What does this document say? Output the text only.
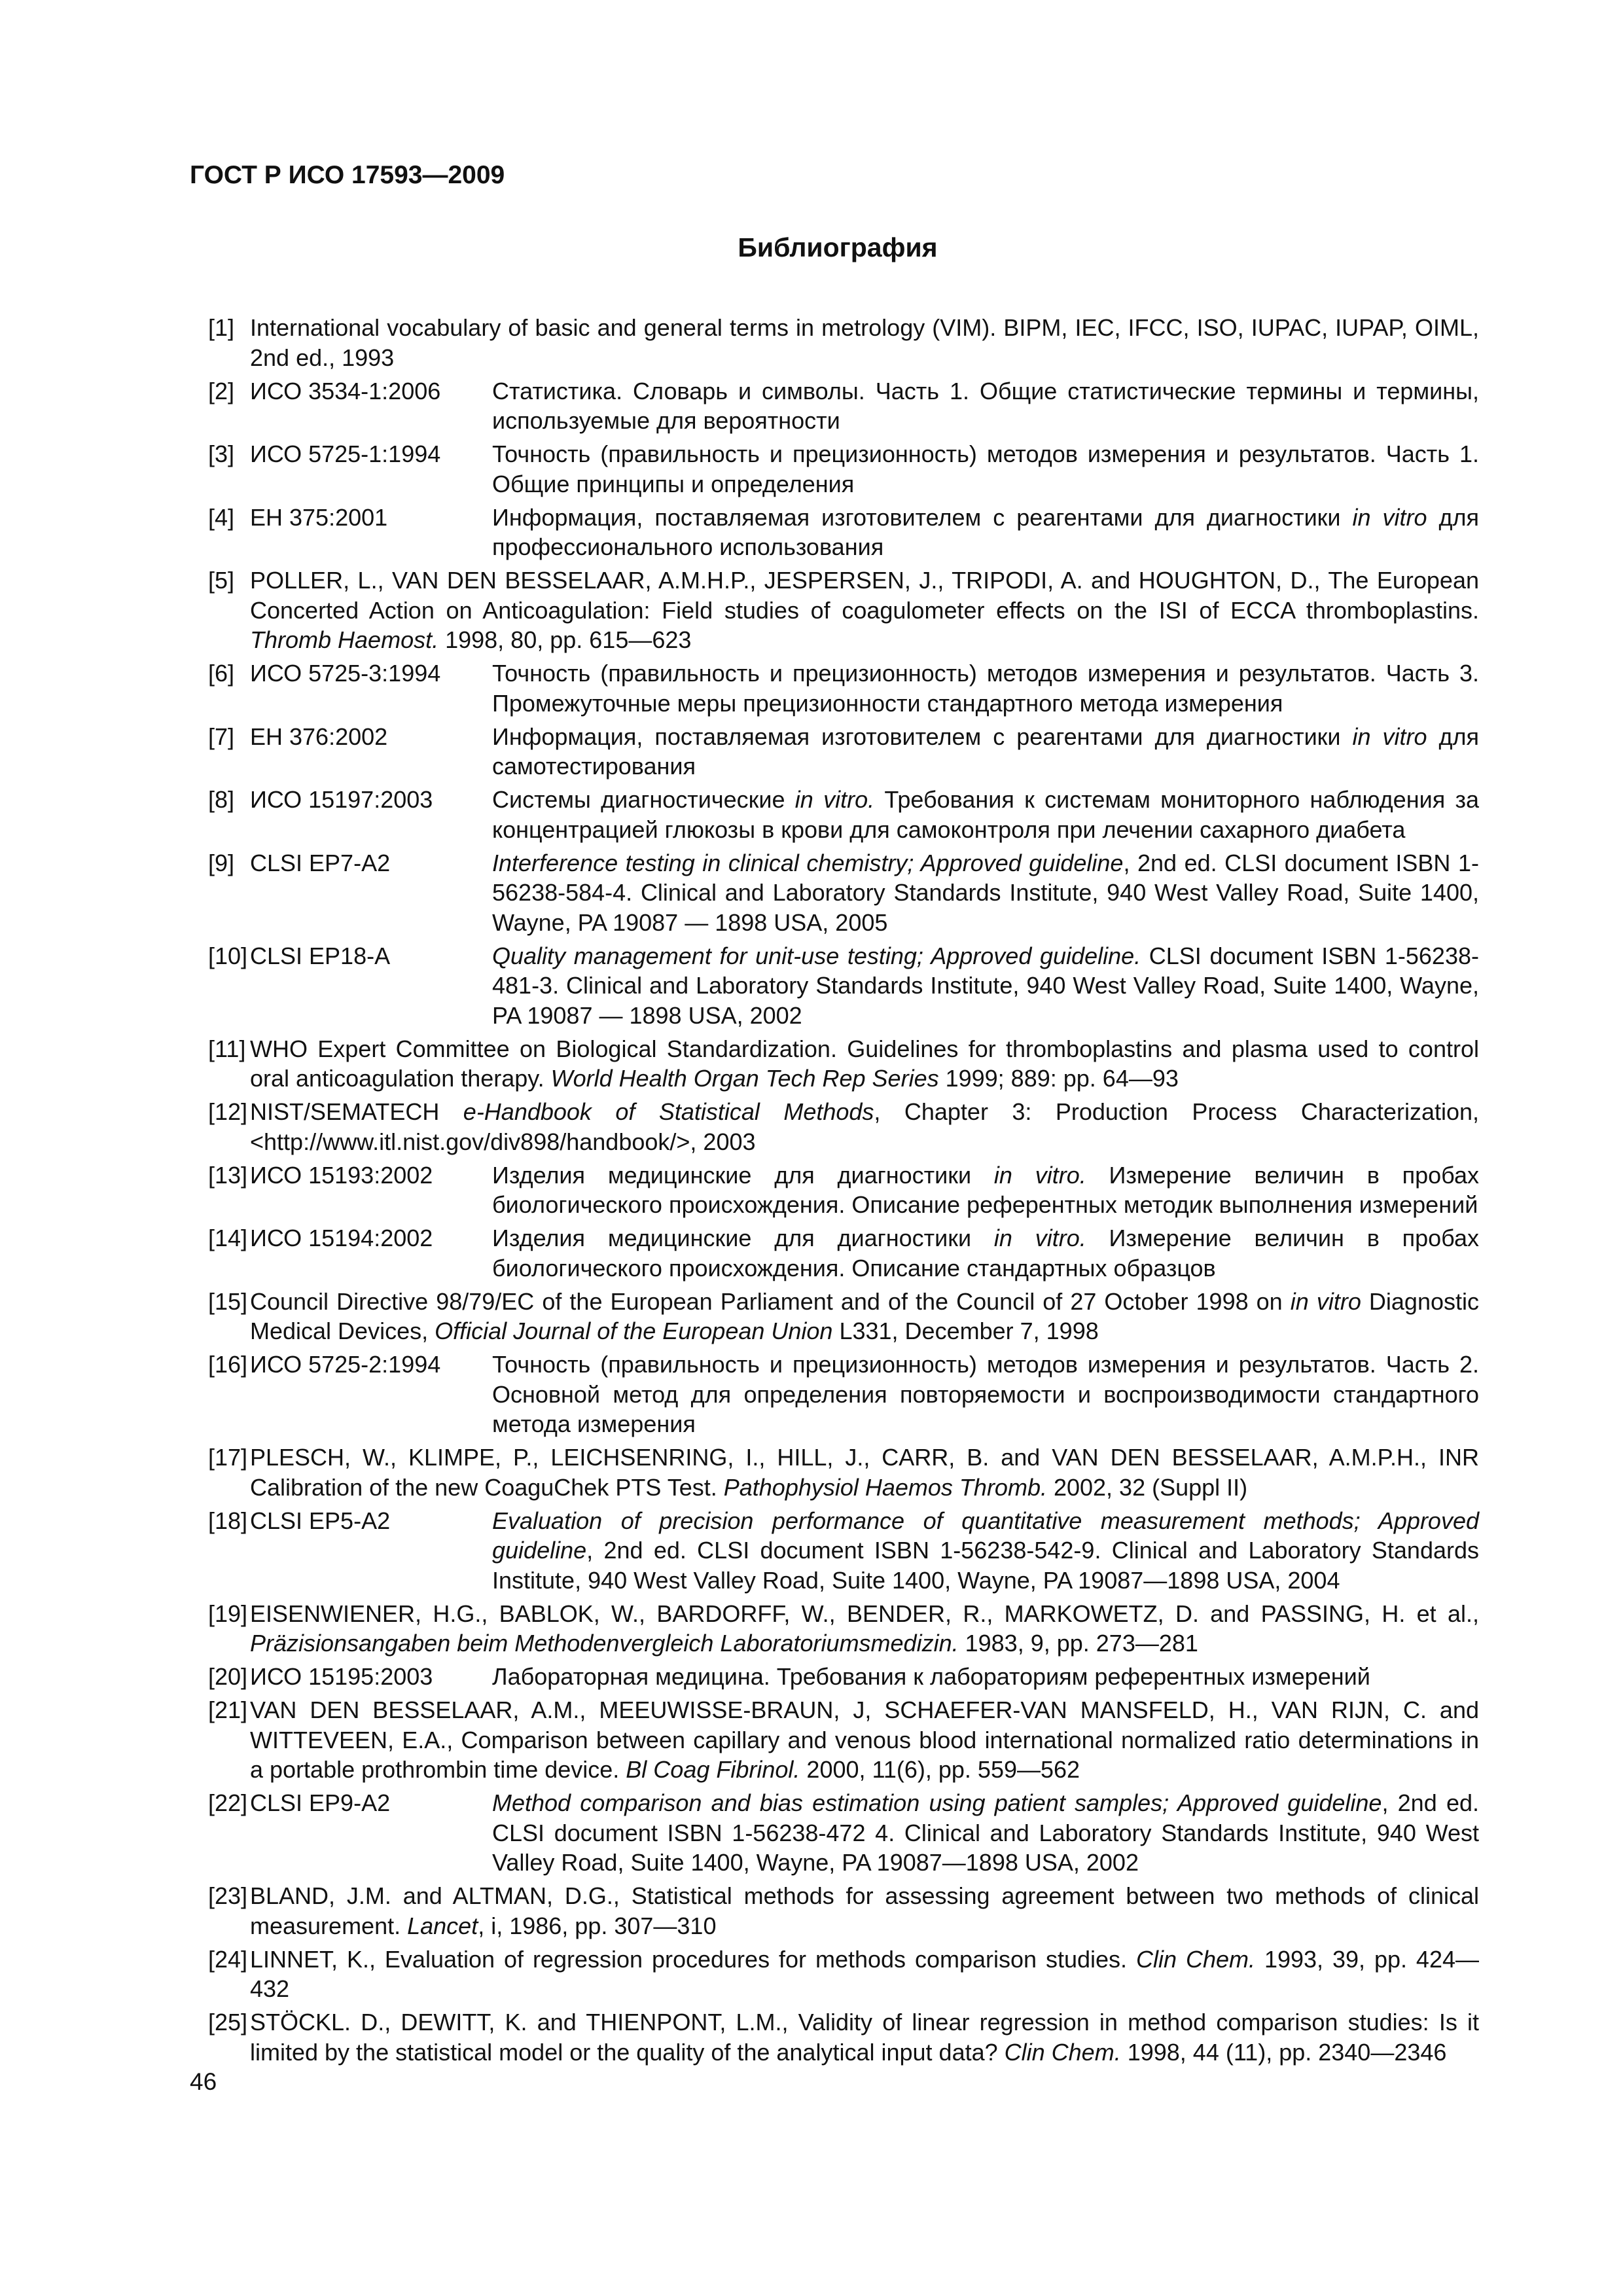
ГОСТ Р ИСО 17593—2009
Библиография
[1] International vocabulary of basic and general terms in metrology (VIM). BIPM, IEC, IFCC, ISO, IUPAC, IUPAP, OIML, 2nd ed., 1993
[2] ИСО 3534-1:2006	Статистика. Словарь и символы. Часть 1. Общие статистические термины и термины, используемые для вероятности
[3] ИСО 5725-1:1994	Точность (правильность и прецизионность) методов измерения и результатов. Часть 1. Общие принципы и определения
[4] ЕН 375:2001	Информация, поставляемая изготовителем с реагентами для диагностики in vitro для профессионального использования
[5] POLLER, L., VAN DEN BESSELAAR, A.M.H.P., JESPERSEN, J., TRIPODI, A. and HOUGHTON, D., The European Concerted Action on Anticoagulation: Field studies of coagulometer effects on the ISI of ECCA thromboplastins. Thromb Haemost. 1998, 80, pp. 615—623
[6] ИСО 5725-3:1994	Точность (правильность и прецизионность) методов измерения и результатов. Часть 3. Промежуточные меры прецизионности стандартного метода измерения
[7] ЕН 376:2002	Информация, поставляемая изготовителем с реагентами для диагностики in vitro для самотестирования
[8] ИСО 15197:2003	Системы диагностические in vitro. Требования к системам мониторного наблюдения за концентрацией глюкозы в крови для самоконтроля при лечении сахарного диабета
[9] CLSI EP7-A2	Interference testing in clinical chemistry; Approved guideline, 2nd ed. CLSI document ISBN 1-56238-584-4. Clinical and Laboratory Standards Institute, 940 West Valley Road, Suite 1400, Wayne, PA 19087 — 1898 USA, 2005
[10] CLSI EP18-A	Quality management for unit-use testing; Approved guideline. CLSI document ISBN 1-56238-481-3. Clinical and Laboratory Standards Institute, 940 West Valley Road, Suite 1400, Wayne, PA 19087 — 1898 USA, 2002
[11] WHO Expert Committee on Biological Standardization. Guidelines for thromboplastins and plasma used to control oral anticoagulation therapy. World Health Organ Tech Rep Series 1999; 889: pp. 64—93
[12] NIST/SEMATECH e-Handbook of Statistical Methods, Chapter 3: Production Process Characterization, <http://www.itl.nist.gov/div898/handbook/>, 2003
[13] ИСО 15193:2002	Изделия медицинские для диагностики in vitro. Измерение величин в пробах биологического происхождения. Описание референтных методик выполнения измерений
[14] ИСО 15194:2002	Изделия медицинские для диагностики in vitro. Измерение величин в пробах биологического происхождения. Описание стандартных образцов
[15] Council Directive 98/79/EC of the European Parliament and of the Council of 27 October 1998 on in vitro Diagnostic Medical Devices, Official Journal of the European Union L331, December 7, 1998
[16] ИСО 5725-2:1994	Точность (правильность и прецизионность) методов измерения и результатов. Часть 2. Основной метод для определения повторяемости и воспроизводимости стандартного метода измерения
[17] PLESCH, W., KLIMPE, P., LEICHSENRING, I., HILL, J., CARR, B. and VAN DEN BESSELAAR, A.M.P.H., INR Calibration of the new CoaguChek PTS Test. Pathophysiol Haemos Thromb. 2002, 32 (Suppl II)
[18] CLSI EP5-A2	Evaluation of precision performance of quantitative measurement methods; Approved guideline, 2nd ed. CLSI document ISBN 1-56238-542-9. Clinical and Laboratory Standards Institute, 940 West Valley Road, Suite 1400, Wayne, PA 19087—1898 USA, 2004
[19] EISENWIENER, H.G., BABLOK, W., BARDORFF, W., BENDER, R., MARKOWETZ, D. and PASSING, H. et al., Präzisionsangaben beim Methodenvergleich Laboratoriumsmedizin. 1983, 9, pp. 273—281
[20] ИСО 15195:2003	Лабораторная медицина. Требования к лабораториям референтных измерений
[21] VAN DEN BESSELAAR, A.M., MEEUWISSE-BRAUN, J, SCHAEFER-VAN MANSFELD, H., VAN RIJN, C. and WITTEVEEN, E.A., Comparison between capillary and venous blood international normalized ratio determinations in a portable prothrombin time device. Bl Coag Fibrinol. 2000, 11(6), pp. 559—562
[22] CLSI EP9-A2	Method comparison and bias estimation using patient samples; Approved guideline, 2nd ed. CLSI document ISBN 1-56238-472 4. Clinical and Laboratory Standards Institute, 940 West Valley Road, Suite 1400, Wayne, PA 19087—1898 USA, 2002
[23] BLAND, J.M. and ALTMAN, D.G., Statistical methods for assessing agreement between two methods of clinical measurement. Lancet, i, 1986, pp. 307—310
[24] LINNET, K., Evaluation of regression procedures for methods comparison studies. Clin Chem. 1993, 39, pp. 424—432
[25] STÖCKL. D., DEWITT, K. and THIENPONT, L.M., Validity of linear regression in method comparison studies: Is it limited by the statistical model or the quality of the analytical input data? Clin Chem. 1998, 44 (11), pp. 2340—2346
46
